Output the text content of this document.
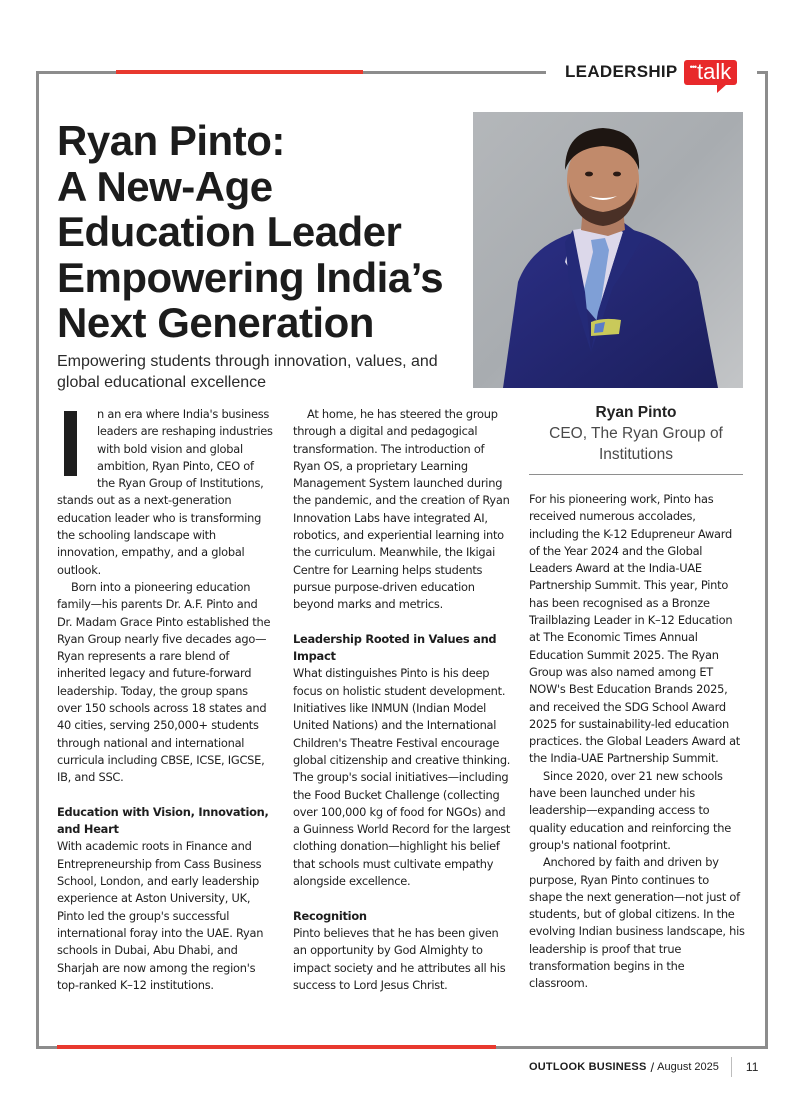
LEADERSHIP ••• talk
Ryan Pinto:
A New-Age
Education Leader
Empowering India’s
Next Generation

Empowering students through innovation, values, and global educational excellence

Ryan Pinto
CEO, The Ryan Group of Institutions

n an era where India's business leaders are reshaping industries with bold vision and global ambition, Ryan Pinto, CEO of the Ryan Group of Institutions, stands out as a next-generation education leader who is transforming the schooling landscape with innovation, empathy, and a global outlook.

Born into a pioneering education family—his parents Dr. A.F. Pinto and Dr. Madam Grace Pinto established the Ryan Group nearly five decades ago—Ryan represents a rare blend of inherited legacy and future-forward leadership. Today, the group spans over 150 schools across 18 states and 40 cities, serving 250,000+ students through national and international curricula including CBSE, ICSE, IGCSE, IB, and SSC.

Education with Vision, Innovation, and Heart

With academic roots in Finance and Entrepreneurship from Cass Business School, London, and early leadership experience at Aston University, UK, Pinto led the group's successful international foray into the UAE. Ryan schools in Dubai, Abu Dhabi, and Sharjah are now among the region's top-ranked K–12 institutions.

At home, he has steered the group through a digital and pedagogical transformation. The introduction of Ryan OS, a proprietary Learning Management System launched during the pandemic, and the creation of Ryan Innovation Labs have integrated AI, robotics, and experiential learning into the curriculum. Meanwhile, the Ikigai Centre for Learning helps students pursue purpose-driven education beyond marks and metrics.

Leadership Rooted in Values and Impact

What distinguishes Pinto is his deep focus on holistic student development. Initiatives like INMUN (Indian Model United Nations) and the International Children's Theatre Festival encourage global citizenship and creative thinking. The group's social initiatives—including the Food Bucket Challenge (collecting over 100,000 kg of food for NGOs) and a Guinness World Record for the largest clothing donation—highlight his belief that schools must cultivate empathy alongside excellence.

Recognition

Pinto believes that he has been given an opportunity by God Almighty to impact society and he attributes all his success to Lord Jesus Christ.

For his pioneering work, Pinto has received numerous accolades, including the K-12 Edupreneur Award of the Year 2024 and the Global Leaders Award at the India-UAE Partnership Summit. This year, Pinto has been recognised as a Bronze Trailblazing Leader in K–12 Education at The Economic Times Annual Education Summit 2025. The Ryan Group was also named among ET NOW's Best Education Brands 2025, and received the SDG School Award 2025 for sustainability-led education practices. the Global Leaders Award at the India-UAE Partnership Summit.

Since 2020, over 21 new schools have been launched under his leadership—expanding access to quality education and reinforcing the group's national footprint.

Anchored by faith and driven by purpose, Ryan Pinto continues to shape the next generation—not just of students, but of global citizens. In the evolving Indian business landscape, his leadership is proof that true transformation begins in the classroom.

OUTLOOK BUSINESS / August 2025 11
